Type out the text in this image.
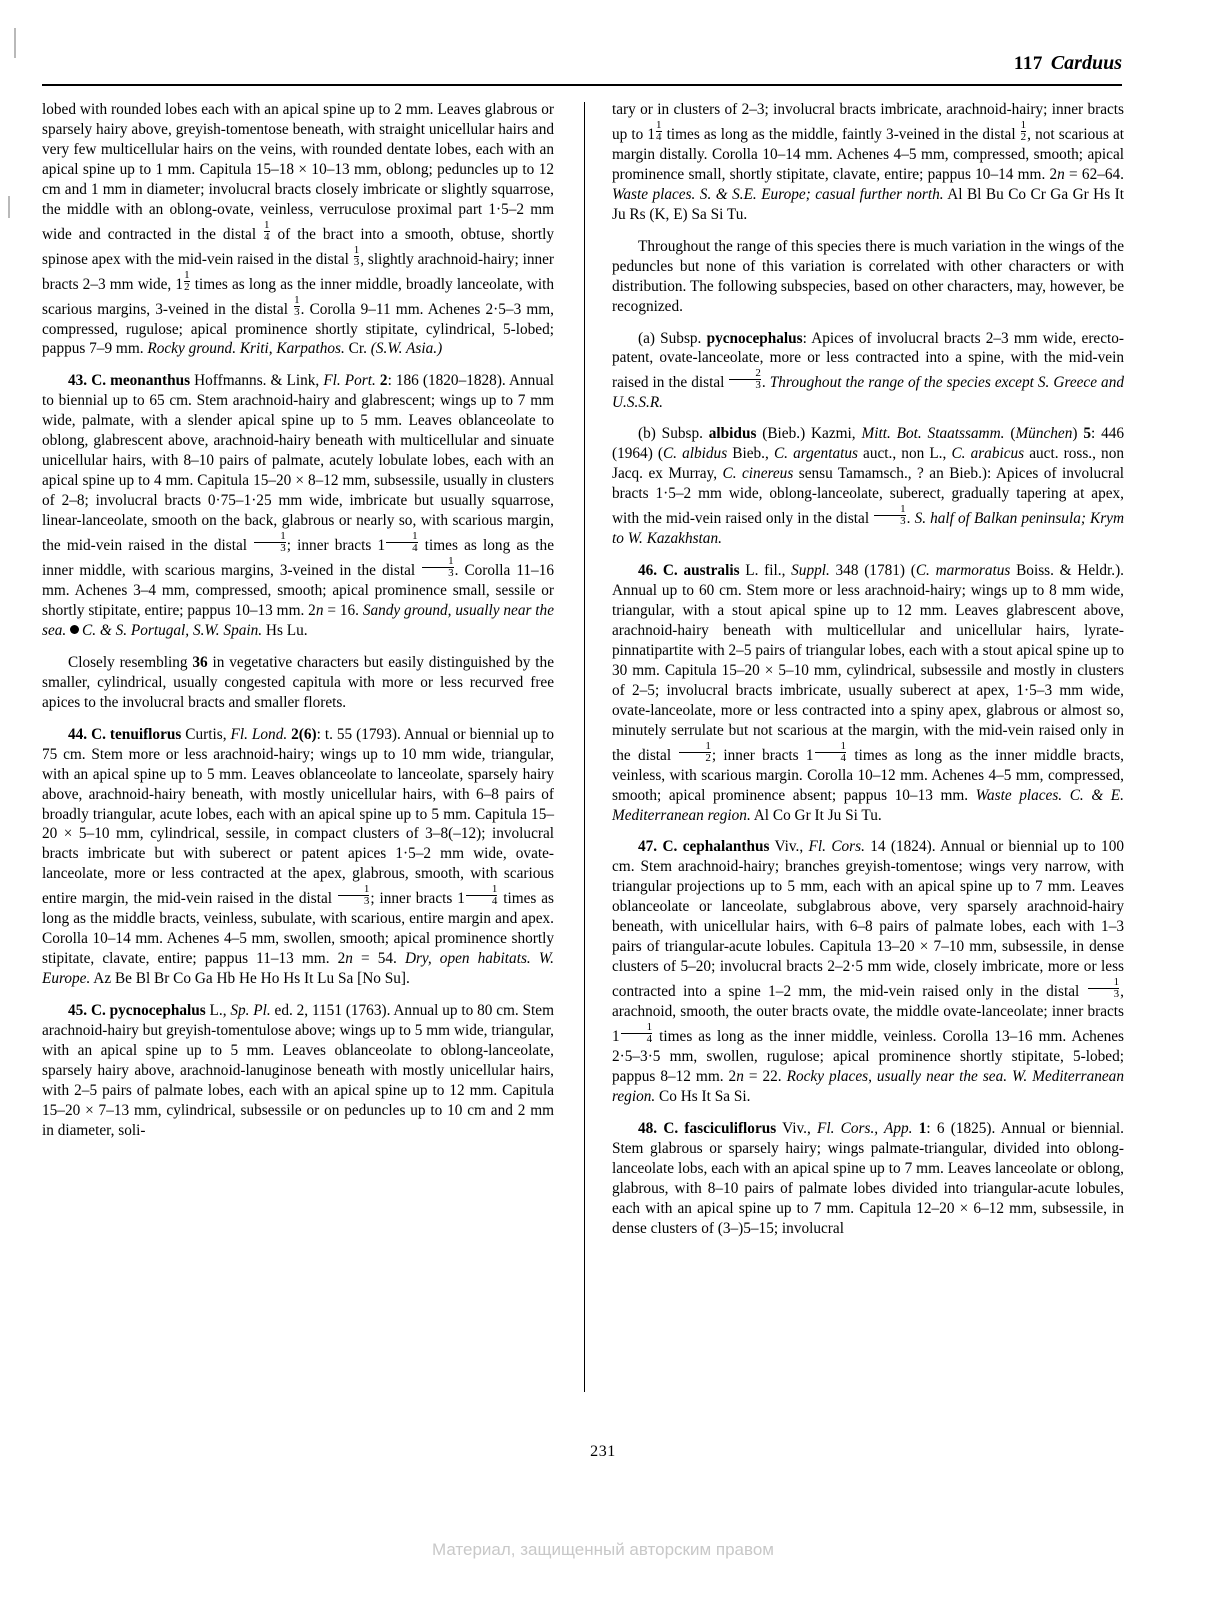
117 Carduus

lobed with rounded lobes each with an apical spine up to 2 mm. Leaves glabrous or sparsely hairy above, greyish-tomentose beneath, with straight unicellular hairs and very few multicellular hairs on the veins, with rounded dentate lobes, each with an apical spine up to 1 mm. Capitula 15–18 × 10–13 mm, oblong; peduncles up to 12 cm and 1 mm in diameter; involucral bracts closely imbricate or slightly squarrose, the middle with an oblong-ovate, veinless, verruculose proximal part 1·5–2 mm wide and contracted in the distal $\frac{1}{4}$ of the bract into a smooth, obtuse, shortly spinose apex with the mid-vein raised in the distal $\frac{1}{3}$ , slightly arachnoid-hairy; inner bracts 2–3 mm wide, $1 \frac{1}{2}$ times as long as the inner middle, broadly lanceolate, with scarious margins, 3-veined in the distal $\frac{1}{3}$ . Corolla 9–11 mm. Achenes 2·5–3 mm, compressed, rugulose; apical prominence shortly stipitate, cylindrical, 5-lobed; pappus 7–9 mm. Rocky ground. Kriti, Karpathos. Cr. (S.W. Asia.)

43. C. meonanthus Hoffmanns. & Link, Fl. Port. 2: 186 (1820–1828). Annual to biennial up to 65 cm. Stem arachnoid-hairy and glabrescent; wings up to 7 mm wide, palmate, with a slender apical spine up to 5 mm. Leaves oblanceolate to oblong, glabrescent above, arachnoid-hairy beneath with multicellular and sinuate unicellular hairs, with 8–10 pairs of palmate, acutely lobulate lobes, each with an apical spine up to 4 mm. Capitula 15–20 × 8–12 mm, subsessile, usually in clusters of 2–8; involucral bracts 0·75–1·25 mm wide, imbricate but usually squarrose, linear-lanceolate, smooth on the back, glabrous or nearly so, with scarious margin, the mid-vein raised in the distal $\frac{1}{3}$ ; inner bracts $1 \frac{1}{4}$ times as long as the inner middle, with scarious margins, 3-veined in the distal $\frac{1}{3}$ . Corolla 11–16 mm. Achenes 3–4 mm, compressed, smooth; apical prominence small, sessile or shortly stipitate, entire; pappus 10–13 mm. 2n = 16. Sandy ground, usually near the sea. C. & S. Portugal, S.W. Spain. Hs Lu.

Closely resembling 36 in vegetative characters but easily distinguished by the smaller, cylindrical, usually congested capitula with more or less recurved free apices to the involucral bracts and smaller florets.

44. C. tenuiflorus Curtis, Fl. Lond. 2(6): t. 55 (1793). Annual or biennial up to 75 cm. Stem more or less arachnoid-hairy; wings up to 10 mm wide, triangular, with an apical spine up to 5 mm. Leaves oblanceolate to lanceolate, sparsely hairy above, arachnoid-hairy beneath, with mostly unicellular hairs, with 6–8 pairs of broadly triangular, acute lobes, each with an apical spine up to 5 mm. Capitula 15–20 × 5–10 mm, cylindrical, sessile, in compact clusters of 3–8(–12); involucral bracts imbricate but with suberect or patent apices 1·5–2 mm wide, ovate-lanceolate, more or less contracted at the apex, glabrous, smooth, with scarious entire margin, the mid-vein raised in the distal $\frac{1}{3}$ ; inner bracts $1 \frac{1}{4}$ times as long as the middle bracts, veinless, subulate, with scarious, entire margin and apex. Corolla 10–14 mm. Achenes 4–5 mm, swollen, smooth; apical prominence shortly stipitate, clavate, entire; pappus 11–13 mm. 2n = 54. Dry, open habitats. W. Europe. Az Be Bl Br Co Ga Hb He Ho Hs It Lu Sa [No Su].

45. C. pycnocephalus L., Sp. Pl. ed. 2, 1151 (1763). Annual up to 80 cm. Stem arachnoid-hairy but greyish-tomentulose above; wings up to 5 mm wide, triangular, with an apical spine up to 5 mm. Leaves oblanceolate to oblong-lanceolate, sparsely hairy above, arachnoid-lanuginose beneath with mostly unicellular hairs, with 2–5 pairs of palmate lobes, each with an apical spine up to 12 mm. Capitula 15–20 × 7–13 mm, cylindrical, subsessile or on peduncles up to 10 cm and 2 mm in diameter, soli-

tary or in clusters of 2–3; involucral bracts imbricate, arachnoid-hairy; inner bracts up to $1 \frac{1}{4}$ times as long as the middle, faintly 3-veined in the distal $\frac{1}{2}$ , not scarious at margin distally. Corolla 10–14 mm. Achenes 4–5 mm, compressed, smooth; apical prominence small, shortly stipitate, clavate, entire; pappus 10–14 mm. 2n = 62–64. Waste places. S. & S.E. Europe; casual further north. Al Bl Bu Co Cr Ga Gr Hs It Ju Rs (K, E) Sa Si Tu.

Throughout the range of this species there is much variation in the wings of the peduncles but none of this variation is correlated with other characters or with distribution. The following subspecies, based on other characters, may, however, be recognized.

(a) Subsp. pycnocephalus: Apices of involucral bracts 2–3 mm wide, erecto-patent, ovate-lanceolate, more or less contracted into a spine, with the mid-vein raised in the distal $\frac{2}{3}$ . Throughout the range of the species except S. Greece and U.S.S.R.

(b) Subsp. albidus (Bieb.) Kazmi, Mitt. Bot. Staatssamm. (München) 5: 446 (1964) (C. albidus Bieb., C. argentatus auct., non L., C. arabicus auct. ross., non Jacq. ex Murray, C. cinereus sensu Tamamsch., ? an Bieb.): Apices of involucral bracts 1·5–2 mm wide, oblong-lanceolate, suberect, gradually tapering at apex, with the mid-vein raised only in the distal $\frac{1}{3}$ . S. half of Balkan peninsula; Krym to W. Kazakhstan.

46. C. australis L. fil., Suppl. 348 (1781) (C. marmoratus Boiss. & Heldr.). Annual up to 60 cm. Stem more or less arachnoid-hairy; wings up to 8 mm wide, triangular, with a stout apical spine up to 12 mm. Leaves glabrescent above, arachnoid-hairy beneath with multicellular and unicellular hairs, lyrate-pinnatipartite with 2–5 pairs of triangular lobes, each with a stout apical spine up to 30 mm. Capitula 15–20 × 5–10 mm, cylindrical, subsessile and mostly in clusters of 2–5; involucral bracts imbricate, usually suberect at apex, 1·5–3 mm wide, ovate-lanceolate, more or less contracted into a spiny apex, glabrous or almost so, minutely serrulate but not scarious at the margin, with the mid-vein raised only in the distal $\frac{1}{2}$ ; inner bracts $1 \frac{1}{4}$ times as long as the inner middle bracts, veinless, with scarious margin. Corolla 10–12 mm. Achenes 4–5 mm, compressed, smooth; apical prominence absent; pappus 10–13 mm. Waste places. C. & E. Mediterranean region. Al Co Gr It Ju Si Tu.

47. C. cephalanthus Viv., Fl. Cors. 14 (1824). Annual or biennial up to 100 cm. Stem arachnoid-hairy; branches greyish-tomentose; wings very narrow, with triangular projections up to 5 mm, each with an apical spine up to 7 mm. Leaves oblanceolate or lanceolate, subglabrous above, very sparsely arachnoid-hairy beneath, with unicellular hairs, with 6–8 pairs of palmate lobes, each with 1–3 pairs of triangular-acute lobules. Capitula 13–20 × 7–10 mm, subsessile, in dense clusters of 5–20; involucral bracts 2–2·5 mm wide, closely imbricate, more or less contracted into a spine 1–2 mm, the mid-vein raised only in the distal $\frac{1}{3}$ , arachnoid, smooth, the outer bracts ovate, the middle ovate-lanceolate; inner bracts $1 \frac{1}{4}$ times as long as the inner middle, veinless. Corolla 13–16 mm. Achenes 2·5–3·5 mm, swollen, rugulose; apical prominence shortly stipitate, 5-lobed; pappus 8–12 mm. 2n = 22. Rocky places, usually near the sea. W. Mediterranean region. Co Hs It Sa Si.

48. C. fasciculiflorus Viv., Fl. Cors., App. 1: 6 (1825). Annual or biennial. Stem glabrous or sparsely hairy; wings palmate-triangular, divided into oblong-lanceolate lobs, each with an apical spine up to 7 mm. Leaves lanceolate or oblong, glabrous, with 8–10 pairs of palmate lobes divided into triangular-acute lobules, each with an apical spine up to 7 mm. Capitula 12–20 × 6–12 mm, subsessile, in dense clusters of (3–)5–15; involucral

231
Материал, защищенный авторским правом
